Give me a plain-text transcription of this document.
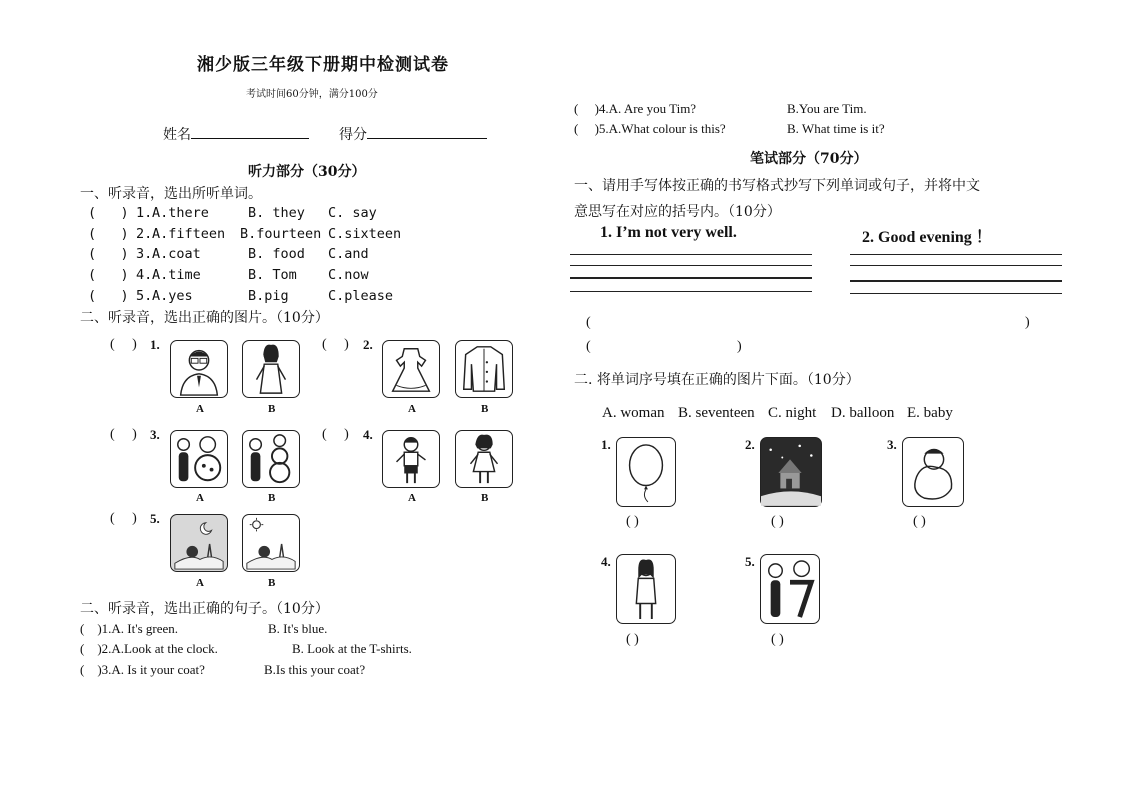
湘少版三年级下册期中检测试卷
考试时间60分钟，满分100分
姓名	得分
听力部分（30分）
一、听录音，选出所听单词。
( ) 1. A.there	B. they C. say
( ) 2. A.fifteen B.fourteen C.sixteen
( ) 3. A.coat	B. food C.and
( ) 4. A.time	B. Tom C.now
( ) 5. A.yes	B.pig	C.please
二、听录音，选出正确的图片。（10分）
(     ) 1.
A	B
(     ) 2.
A	B
(     ) 3.
A	B
(     ) 4.
A	B
(     ) 5.
A	B
二、听录音，选出正确的句子。（10分）
(    )1.A. It's green.	B. It's blue.
(    )2.A.Look at the clock.	B. Look at the T-shirts.
(    )3.A. Is it your coat?	B.Is this your coat?
(     )4.A. Are you Tim?	B.You are Tim.
(     )5.A.What colour is this?	B. What time is it?
笔试部分（70分）
一、请用手写体按正确的书写格式抄写下列单词或句子，并将中文
意思写在对应的括号内。（10分）
1. I’m not very well.	2. Good evening ！
(	)
(	)
二. 将单词序号填在正确的图片下面。（10分）
A. woman B. seventeen C. night D. balloon E. baby
1.
( )
2.
( )
3.
( )
4.
( )
5.
( )
